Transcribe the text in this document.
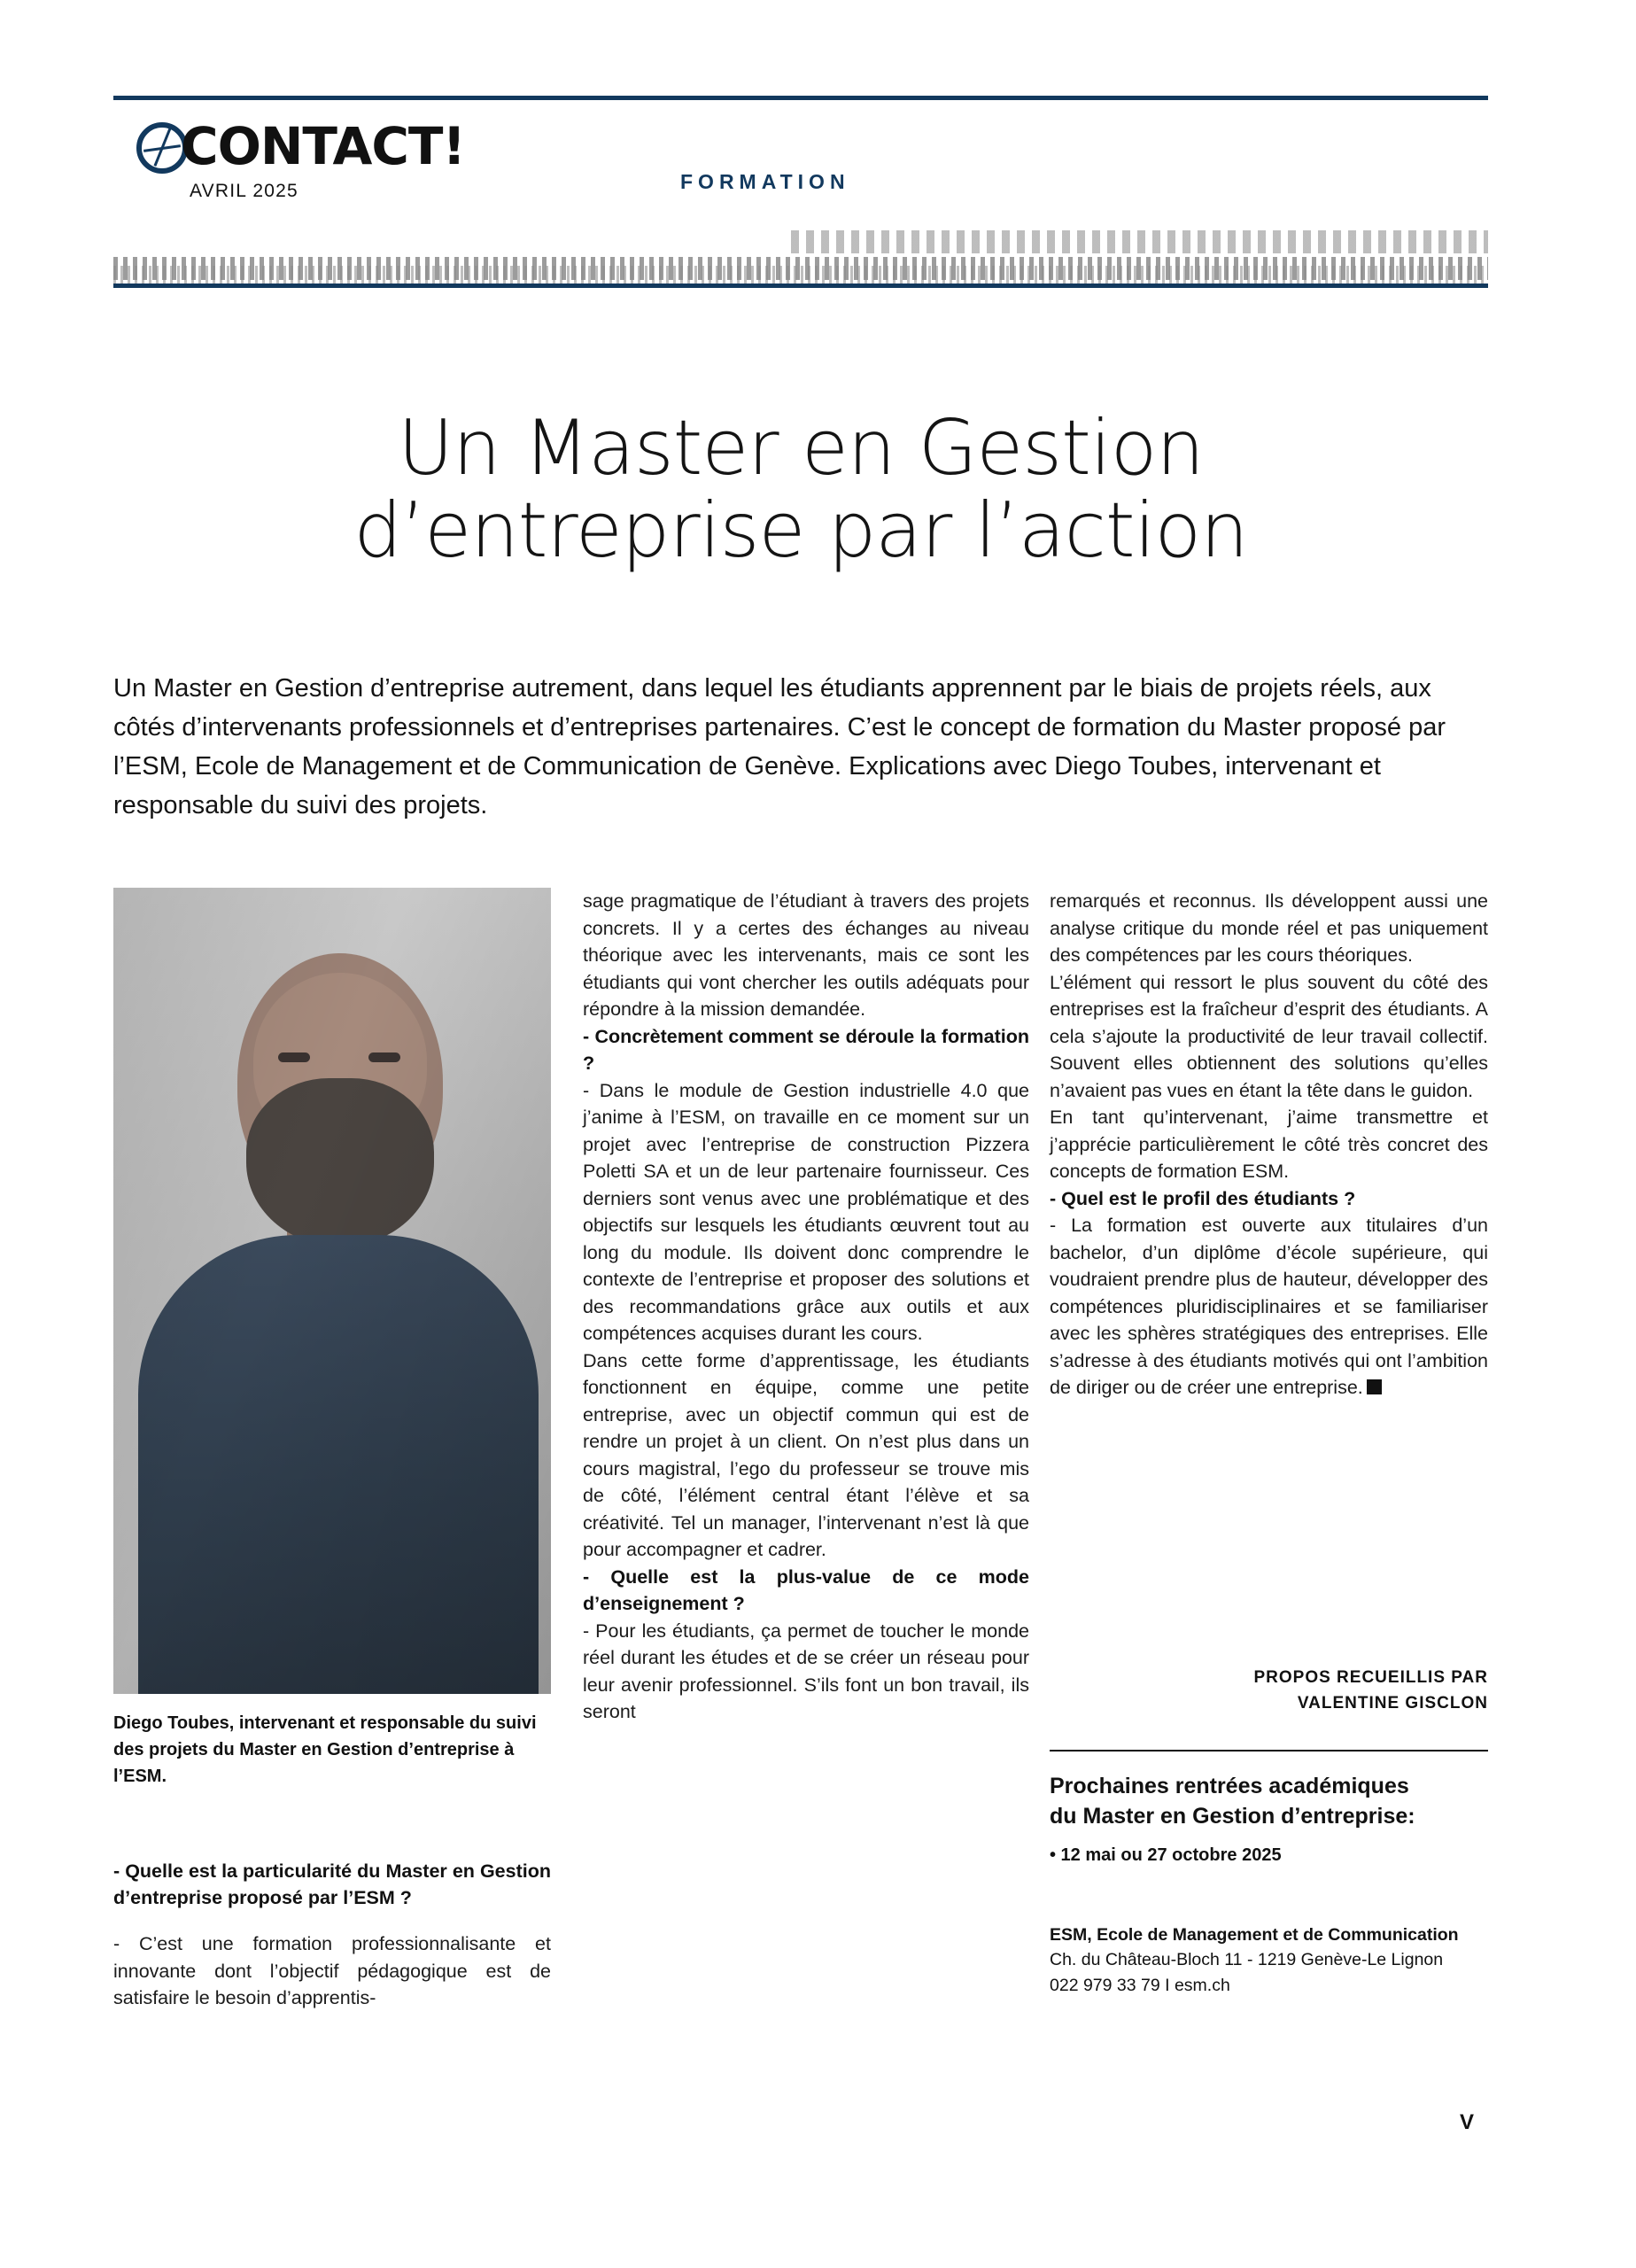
CONTACT!
AVRIL 2025	FORMATION
Un Master en Gestion
d’entreprise par l’action
Un Master en Gestion d’entreprise autrement, dans lequel les étudiants apprennent par le biais de projets réels, aux côtés d’intervenants professionnels et d’entreprises partenaires. C’est le concept de formation du Master proposé par l’ESM, Ecole de Management et de Communication de Genève. Explications avec Diego Toubes, intervenant et responsable du suivi des projets.
Diego Toubes, intervenant et responsable du suivi des projets du Master en Gestion d’entreprise à l’ESM.

- Quelle est la particularité du Master en Gestion d’entreprise proposé par l’ESM ?

- C’est une formation professionnalisante et innovante dont l’objectif pédagogique est de satisfaire le besoin d’apprentis-

sage pragmatique de l’étudiant à travers des projets concrets. Il y a certes des échanges au niveau théorique avec les intervenants, mais ce sont les étudiants qui vont chercher les outils adéquats pour répondre à la mission demandée.

- Concrètement comment se déroule la formation ?

- Dans le module de Gestion industrielle 4.0 que j’anime à l’ESM, on travaille en ce moment sur un projet avec l’entreprise de construction Pizzera Poletti SA et un de leur partenaire fournisseur. Ces derniers sont venus avec une problématique et des objectifs sur lesquels les étudiants œuvrent tout au long du module. Ils doivent donc comprendre le contexte de l’entreprise et proposer des solutions et des recommandations grâce aux outils et aux compétences acquises durant les cours.

Dans cette forme d’apprentissage, les étudiants fonctionnent en équipe, comme une petite entreprise, avec un objectif commun qui est de rendre un projet à un client. On n’est plus dans un cours magistral, l’ego du professeur se trouve mis de côté, l’élément central étant l’élève et sa créativité. Tel un manager, l’intervenant n’est là que pour accompagner et cadrer.

- Quelle est la plus-value de ce mode d’enseignement ?

- Pour les étudiants, ça permet de toucher le monde réel durant les études et de se créer un réseau pour leur avenir professionnel. S’ils font un bon travail, ils seront

remarqués et reconnus. Ils développent aussi une analyse critique du monde réel et pas uniquement des compétences par les cours théoriques.

L’élément qui ressort le plus souvent du côté des entreprises est la fraîcheur d’esprit des étudiants. A cela s’ajoute la productivité de leur travail collectif. Souvent elles obtiennent des solutions qu’elles n’avaient pas vues en étant la tête dans le guidon.

En tant qu’intervenant, j’aime transmettre et j’apprécie particulièrement le côté très concret des concepts de formation ESM.

- Quel est le profil des étudiants ?

- La formation est ouverte aux titulaires d’un bachelor, d’un diplôme d’école supérieure, qui voudraient prendre plus de hauteur, développer des compétences pluridisciplinaires et se familiariser avec les sphères stratégiques des entreprises. Elle s’adresse à des étudiants motivés qui ont l’ambition de diriger ou de créer une entreprise.

PROPOS RECUEILLIS PAR
VALENTINE GISCLON
Prochaines rentrées académiques
du Master en Gestion d’entreprise:
• 12 mai ou 27 octobre 2025
ESM, Ecole de Management et de Communication
Ch. du Château-Bloch 11 - 1219 Genève-Le Lignon
022 979 33 79 I esm.ch
V
